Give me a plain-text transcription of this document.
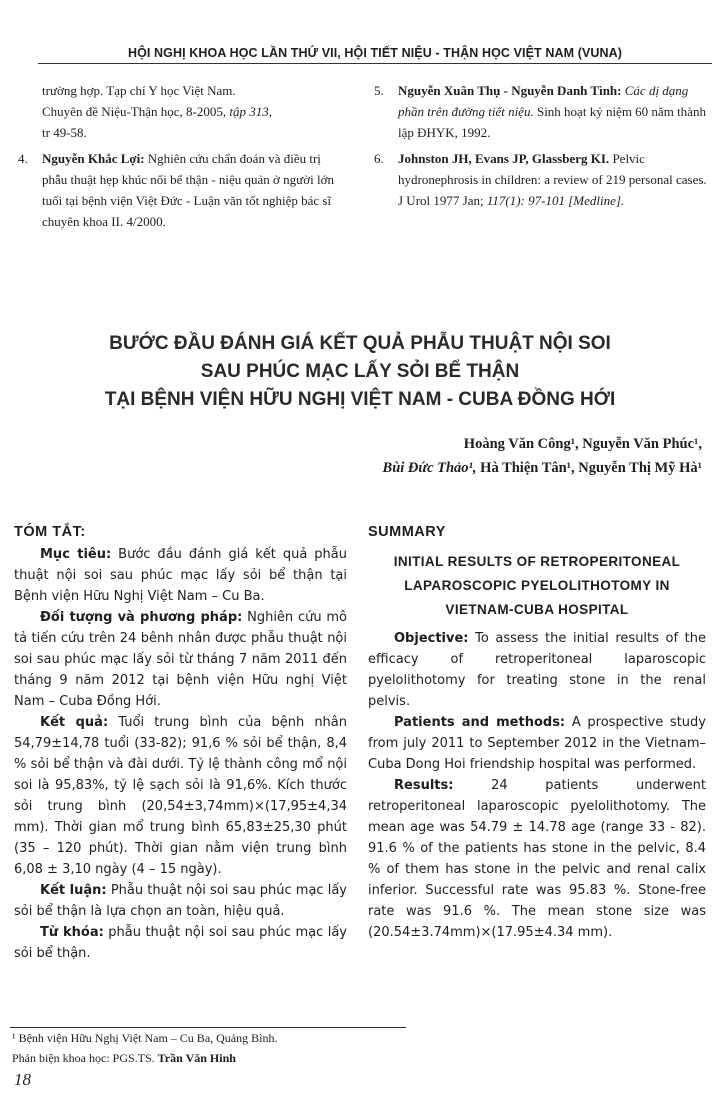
HỘI NGHỊ KHOA HỌC LẦN THỨ VII, HỘI TIẾT NIỆU - THẬN HỌC VIỆT NAM (VUNA)
trường hợp. Tạp chí Y học Việt Nam.
Chuyên đề Niệu-Thận học, 8-2005, tập 313,
tr 49-58.
4. Nguyễn Khắc Lợi: Nghiên cứu chẩn đoán và điều trị phẫu thuật hẹp khúc nối bể thận - niệu quản ở người lớn tuổi tại bệnh viện Việt Đức - Luận văn tốt nghiệp bác sĩ chuyên khoa II. 4/2000.
5. Nguyễn Xuân Thụ - Nguyễn Danh Tình: Các dị dạng phần trên đường tiết niệu. Sinh hoạt kỷ niệm 60 năm thành lập ĐHYK, 1992.
6. Johnston JH, Evans JP, Glassberg KI. Pelvic hydronephrosis in children: a review of 219 personal cases. J Urol 1977 Jan; 117(1): 97-101 [Medline].
BƯỚC ĐẦU ĐÁNH GIÁ KẾT QUẢ PHẪU THUẬT NỘI SOI
SAU PHÚC MẠC LẤY SỎI BỂ THẬN
TẠI BỆNH VIỆN HỮU NGHỊ VIỆT NAM - CUBA ĐỒNG HỚI
Hoàng Văn Công¹, Nguyễn Văn Phúc¹,
Bùi Đức Thảo¹, Hà Thiện Tân¹, Nguyễn Thị Mỹ Hà¹
TÓM TẮT:

Mục tiêu: Bước đầu đánh giá kết quả phẫu thuật nội soi sau phúc mạc lấy sỏi bể thận tại Bệnh viện Hữu Nghị Việt Nam – Cu Ba.

Đối tượng và phương pháp: Nghiên cứu mô tả tiến cứu trên 24 bênh nhân được phẫu thuật nội soi sau phúc mạc lấy sỏi từ tháng 7 năm 2011 đến tháng 9 năm 2012 tại bệnh viện Hữu nghị Việt Nam – Cuba Đồng Hới.

Kết quả: Tuổi trung bình của bệnh nhân 54,79±14,78 tuổi (33-82); 91,6 % sỏi bể thận, 8,4 % sỏi bể thận và đài dưới. Tỷ lệ thành công mổ nội soi là 95,83%, tỷ lệ sạch sỏi là 91,6%. Kích thước sỏi trung bình (20,54±3,74mm)×(17,95±4,34 mm). Thời gian mổ trung bình 65,83±25,30 phút (35 – 120 phút). Thời gian nằm viện trung bình 6,08 ± 3,10 ngày (4 – 15 ngày).

Kết luận: Phẫu thuật nội soi sau phúc mạc lấy sỏi bể thận là lựa chọn an toàn, hiệu quả.

Từ khóa: phẫu thuật nội soi sau phúc mạc lấy sỏi bể thận.

SUMMARY
INITIAL RESULTS OF RETROPERITONEAL
LAPAROSCOPIC PYELOLITHOTOMY IN
VIETNAM-CUBA HOSPITAL

Objective: To assess the initial results of the efficacy of retroperitoneal laparoscopic pyelolithotomy for treating stone in the renal pelvis.

Patients and methods: A prospective study from july 2011 to September 2012 in the Vietnam–Cuba Dong Hoi friendship hospital was performed.

Results:	24 patients underwent retroperitoneal laparoscopic pyelolithotomy. The mean age was 54.79 ± 14.78 age (range 33 - 82). 91.6 % of the patients has stone in the pelvic, 8.4 % of them has stone in the pelvic and renal calix inferior. Successful rate was 95.83 %. Stone-free rate was 91.6 %. The mean stone size was (20.54±3.74mm)×(17.95±4.34 mm).

¹ Bệnh viện Hữu Nghị Việt Nam – Cu Ba, Quảng Bình.
Phản biện khoa học: PGS.TS. Trần Văn Hinh
18
